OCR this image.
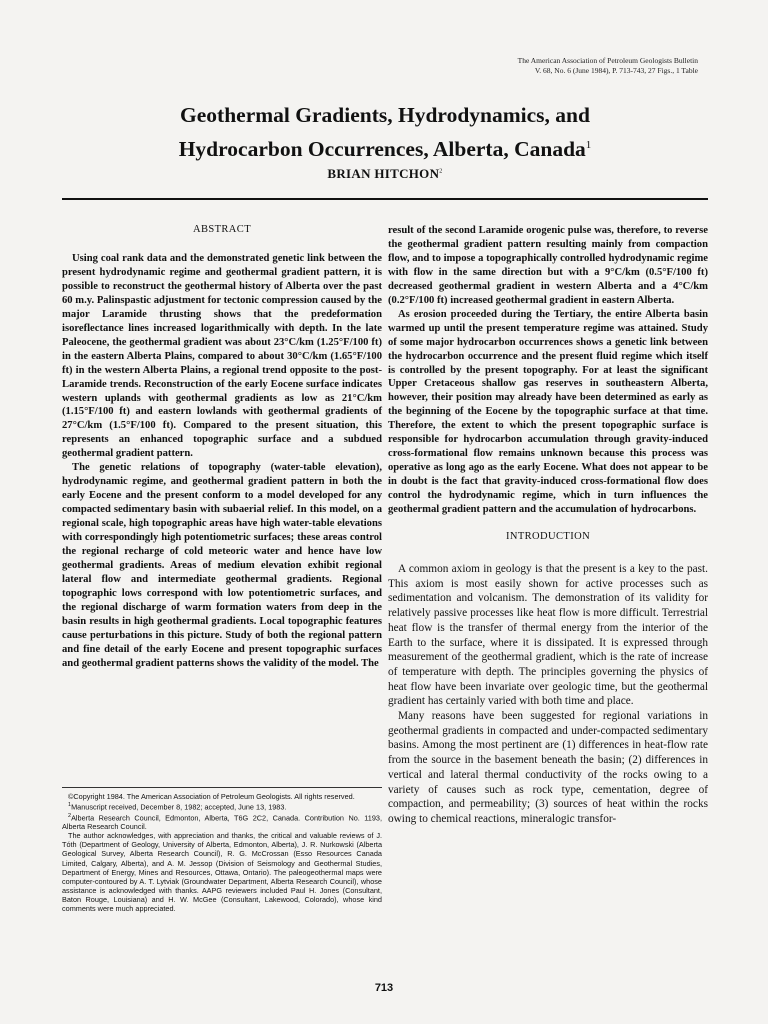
The American Association of Petroleum Geologists Bulletin
V. 68, No. 6 (June 1984), P. 713-743, 27 Figs., 1 Table
Geothermal Gradients, Hydrodynamics, and
Hydrocarbon Occurrences, Alberta, Canada$^1$
BRIAN HITCHON$^2$
ABSTRACT

Using coal rank data and the demonstrated genetic link between the present hydrodynamic regime and geothermal gradient pattern, it is possible to reconstruct the geothermal history of Alberta over the past 60 m.y. Palinspastic adjustment for tectonic compression caused by the major Laramide thrusting shows that the predeformation isoreflectance lines increased logarithmically with depth. In the late Paleocene, the geothermal gradient was about 23°C/km (1.25°F/100 ft) in the eastern Alberta Plains, compared to about 30°C/km (1.65°F/100 ft) in the western Alberta Plains, a regional trend opposite to the post-Laramide trends. Reconstruction of the early Eocene surface indicates western uplands with geothermal gradients as low as 21°C/km (1.15°F/100 ft) and eastern lowlands with geothermal gradients of 27°C/km (1.5°F/100 ft). Compared to the present situation, this represents an enhanced topographic surface and a subdued geothermal gradient pattern.

The genetic relations of topography (water-table elevation), hydrodynamic regime, and geothermal gradient pattern in both the early Eocene and the present conform to a model developed for any compacted sedimentary basin with subaerial relief. In this model, on a regional scale, high topographic areas have high water-table elevations with correspondingly high potentiometric surfaces; these areas control the regional recharge of cold meteoric water and hence have low geothermal gradients. Areas of medium elevation exhibit regional lateral flow and intermediate geothermal gradients. Regional topographic lows correspond with low potentiometric surfaces, and the regional discharge of warm formation waters from deep in the basin results in high geothermal gradients. Local topographic features cause perturbations in this picture. Study of both the regional pattern and fine detail of the early Eocene and present topographic surfaces and geothermal gradient patterns shows the validity of the model. The

result of the second Laramide orogenic pulse was, therefore, to reverse the geothermal gradient pattern resulting mainly from compaction flow, and to impose a topographically controlled hydrodynamic regime with flow in the same direction but with a 9°C/km (0.5°F/100 ft) decreased geothermal gradient in western Alberta and a 4°C/km (0.2°F/100 ft) increased geothermal gradient in eastern Alberta.

As erosion proceeded during the Tertiary, the entire Alberta basin warmed up until the present temperature regime was attained. Study of some major hydrocarbon occurrences shows a genetic link between the hydrocarbon occurrence and the present fluid regime which itself is controlled by the present topography. For at least the significant Upper Cretaceous shallow gas reserves in southeastern Alberta, however, their position may already have been determined as early as the beginning of the Eocene by the topographic surface at that time. Therefore, the extent to which the present topographic surface is responsible for hydrocarbon accumulation through gravity-induced cross-formational flow remains unknown because this process was operative as long ago as the early Eocene. What does not appear to be in doubt is the fact that gravity-induced cross-formational flow does control the hydrodynamic regime, which in turn influences the geothermal gradient pattern and the accumulation of hydrocarbons.

INTRODUCTION

A common axiom in geology is that the present is a key to the past. This axiom is most easily shown for active processes such as sedimentation and volcanism. The demonstration of its validity for relatively passive processes like heat flow is more difficult. Terrestrial heat flow is the transfer of thermal energy from the interior of the Earth to the surface, where it is dissipated. It is expressed through measurement of the geothermal gradient, which is the rate of increase of temperature with depth. The principles governing the physics of heat flow have been invariate over geologic time, but the geothermal gradient has certainly varied with both time and place.

Many reasons have been suggested for regional variations in geothermal gradients in compacted and under-compacted sedimentary basins. Among the most pertinent are (1) differences in heat-flow rate from the source in the basement beneath the basin; (2) differences in vertical and lateral thermal conductivity of the rocks owing to a variety of causes such as rock type, cementation, degree of compaction, and permeability; (3) sources of heat within the rocks owing to chemical reactions, mineralogic transfor-

©Copyright 1984. The American Association of Petroleum Geologists. All rights reserved.

$^1$Manuscript received, December 8, 1982; accepted, June 13, 1983.

$^2$Alberta Research Council, Edmonton, Alberta, T6G 2C2, Canada. Contribution No. 1193, Alberta Research Council.

The author acknowledges, with appreciation and thanks, the critical and valuable reviews of J. Tóth (Department of Geology, University of Alberta, Edmonton, Alberta), J. R. Nurkowski (Alberta Geological Survey, Alberta Research Council), R. G. McCrossan (Esso Resources Canada Limited, Calgary, Alberta), and A. M. Jessop (Division of Seismology and Geothermal Studies, Department of Energy, Mines and Resources, Ottawa, Ontario). The paleogeothermal maps were computer-contoured by A. T. Lytviak (Groundwater Department, Alberta Research Council), whose assistance is acknowledged with thanks. AAPG reviewers included Paul H. Jones (Consultant, Baton Rouge, Louisiana) and H. W. McGee (Consultant, Lakewood, Colorado), whose kind comments were much appreciated.

713
